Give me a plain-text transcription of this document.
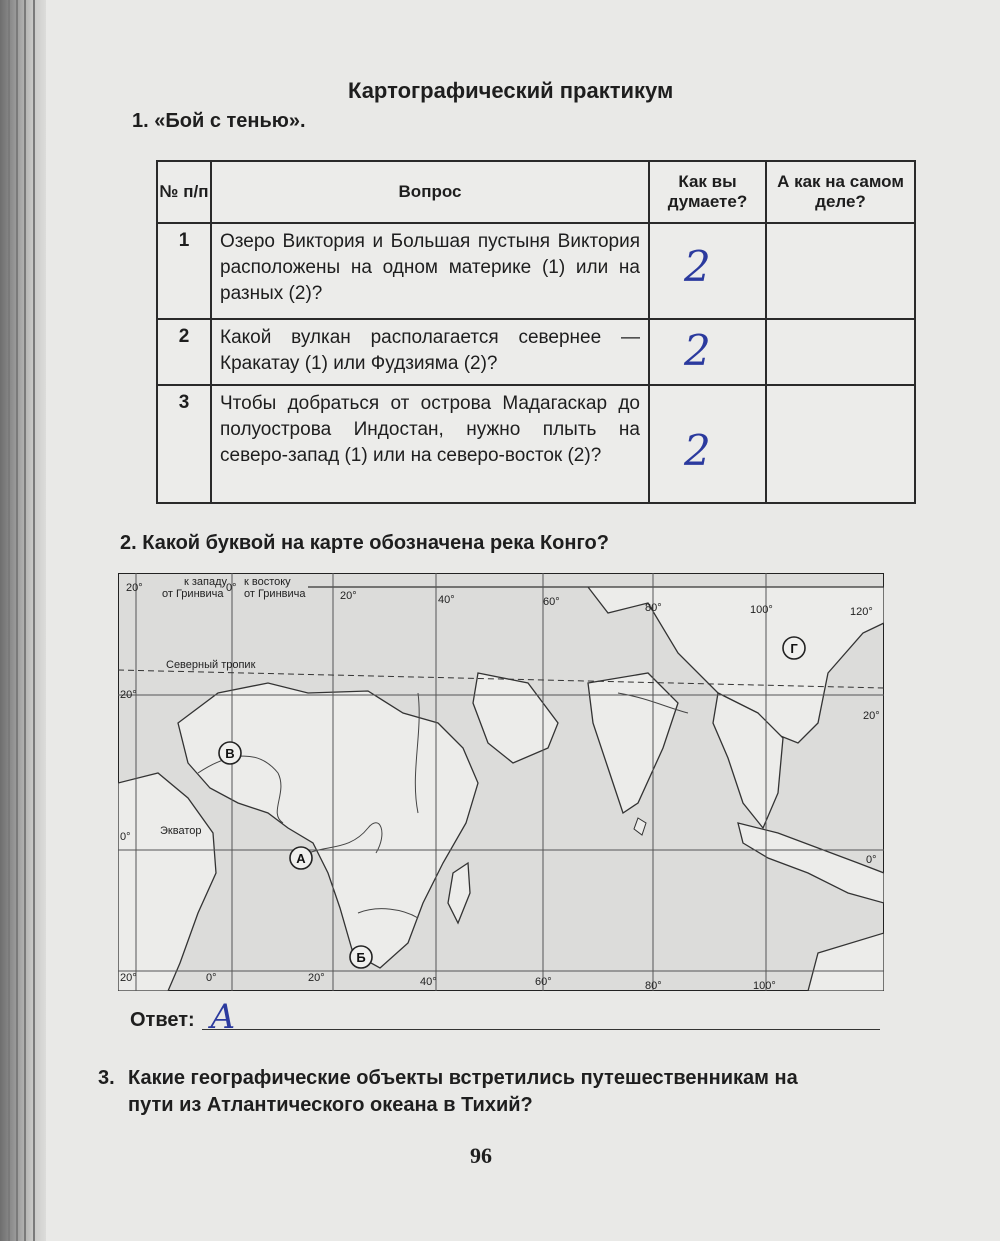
Картографический практикум
1. «Бой с тенью».
№ п/п	Вопрос	Как вы думаете?	А как на самом деле?
1	Озеро Виктория и Большая пустыня Виктория расположены на одном материке (1) или на разных (2)?	2	

2	Какой вулкан располагается севернее — Кракатау (1) или Фудзияма (2)?	2	

3	Чтобы добраться от острова Мадагаскар до полуострова Индостан, нужно плыть на северо-запад (1) или на северо-восток (2)?	2	

2. Какой буквой на карте обозначена река Конго?
20°	0°
20°	40°	60°	80°	100°	120°
к западу
от Гринвича
к востоку
от Гринвича
Северный тропик
20°
0°	Экватор
20°
20°
0°
0°	20°	40°	60°	80°	100°
А
Б
В
Г
Ответ: А
3. Какие географические объекты встретились путешественникам на
пути из Атлантического океана в Тихий?
96
